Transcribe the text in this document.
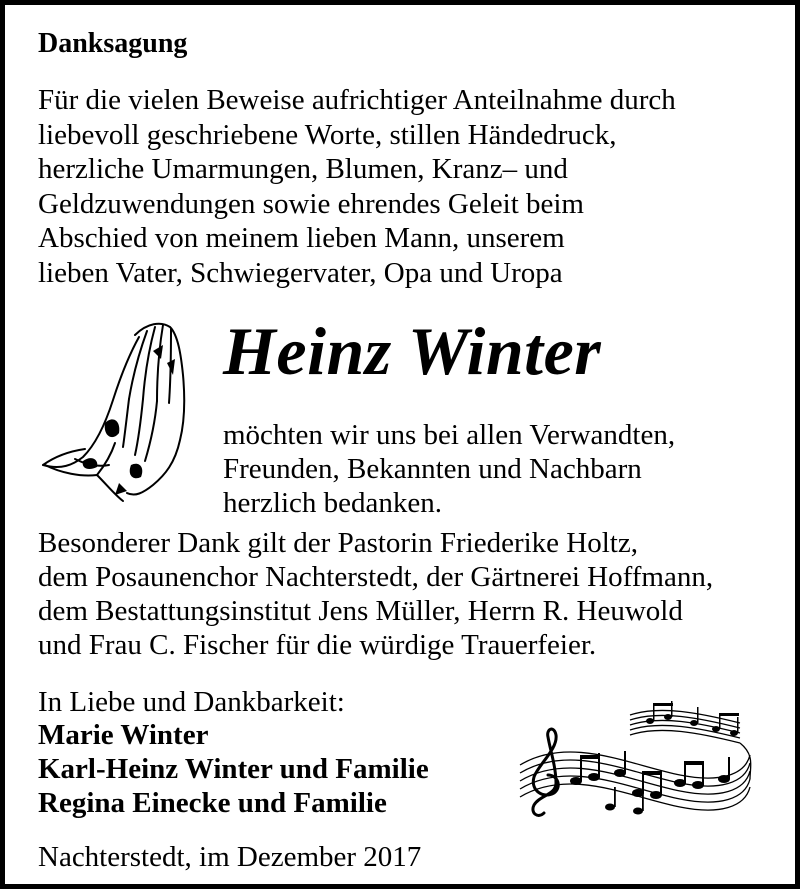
Danksagung
Für die vielen Beweise aufrichtiger Anteilnahme durch
liebevoll geschriebene Worte, stillen Händedruck,
herzliche Umarmungen, Blumen, Kranz– und
Geldzuwendungen sowie ehrendes Geleit beim
Abschied von meinem lieben Mann, unserem
lieben Vater, Schwiegervater, Opa und Uropa
Heinz Winter
möchten wir uns bei allen Verwandten,
Freunden, Bekannten und Nachbarn
herzlich bedanken.
Besonderer Dank gilt der Pastorin Friederike Holtz,
dem Posaunenchor Nachterstedt, der Gärtnerei Hoffmann,
dem Bestattungsinstitut Jens Müller, Herrn R. Heuwold
und Frau C. Fischer für die würdige Trauerfeier.
In Liebe und Dankbarkeit:
Marie Winter
Karl-Heinz Winter und Familie
Regina Einecke und Familie
Nachterstedt, im Dezember 2017
